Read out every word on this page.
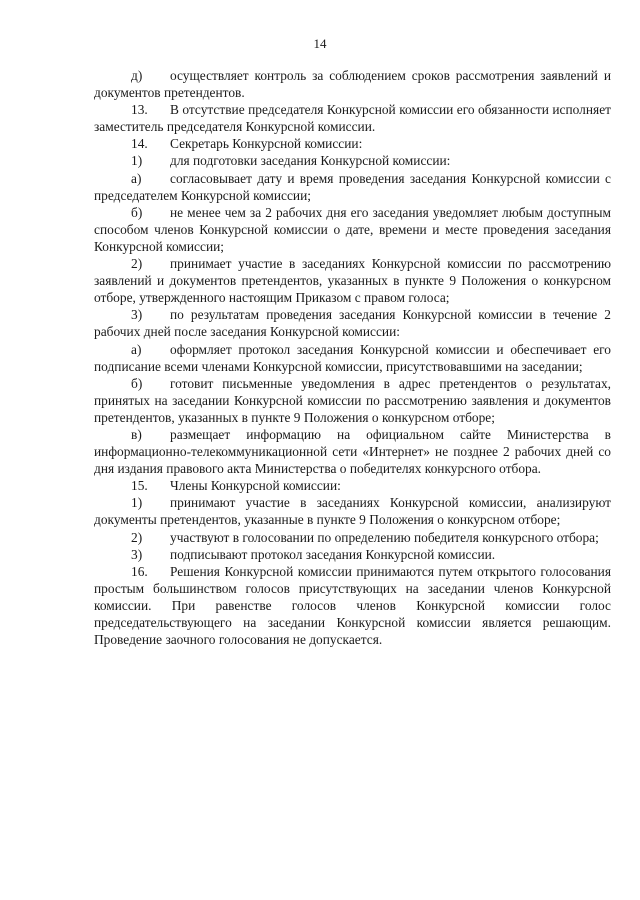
14

д) осуществляет контроль за соблюдением сроков рассмотрения заявлений и документов претендентов.

13. В отсутствие председателя Конкурсной комиссии его обязанности исполняет заместитель председателя Конкурсной комиссии.

14. Секретарь Конкурсной комиссии:

1) для подготовки заседания Конкурсной комиссии:

а) согласовывает дату и время проведения заседания Конкурсной комиссии с председателем Конкурсной комиссии;

б) не менее чем за 2 рабочих дня его заседания уведомляет любым доступным способом членов Конкурсной комиссии о дате, времени и месте проведения заседания Конкурсной комиссии;

2) принимает участие в заседаниях Конкурсной комиссии по рассмотрению заявлений и документов претендентов, указанных в пункте 9 Положения о конкурсном отборе, утвержденного настоящим Приказом с правом голоса;

3) по результатам проведения заседания Конкурсной комиссии в течение 2 рабочих дней после заседания Конкурсной комиссии:

а) оформляет протокол заседания Конкурсной комиссии и обеспечивает его подписание всеми членами Конкурсной комиссии, присутствовавшими на заседании;

б) готовит письменные уведомления в адрес претендентов о результатах, принятых на заседании Конкурсной комиссии по рассмотрению заявления и документов претендентов, указанных в пункте 9 Положения о конкурсном отборе;

в) размещает информацию на официальном сайте Министерства в информационно-телекоммуникационной сети «Интернет» не позднее 2 рабочих дней со дня издания правового акта Министерства о победителях конкурсного отбора.

15. Члены Конкурсной комиссии:

1) принимают участие в заседаниях Конкурсной комиссии, анализируют документы претендентов, указанные в пункте 9 Положения о конкурсном отборе;

2) участвуют в голосовании по определению победителя конкурсного отбора;

3) подписывают протокол заседания Конкурсной комиссии.

16. Решения Конкурсной комиссии принимаются путем открытого голосования простым большинством голосов присутствующих на заседании членов Конкурсной комиссии. При равенстве голосов членов Конкурсной комиссии голос председательствующего на заседании Конкурсной комиссии является решающим. Проведение заочного голосования не допускается.
